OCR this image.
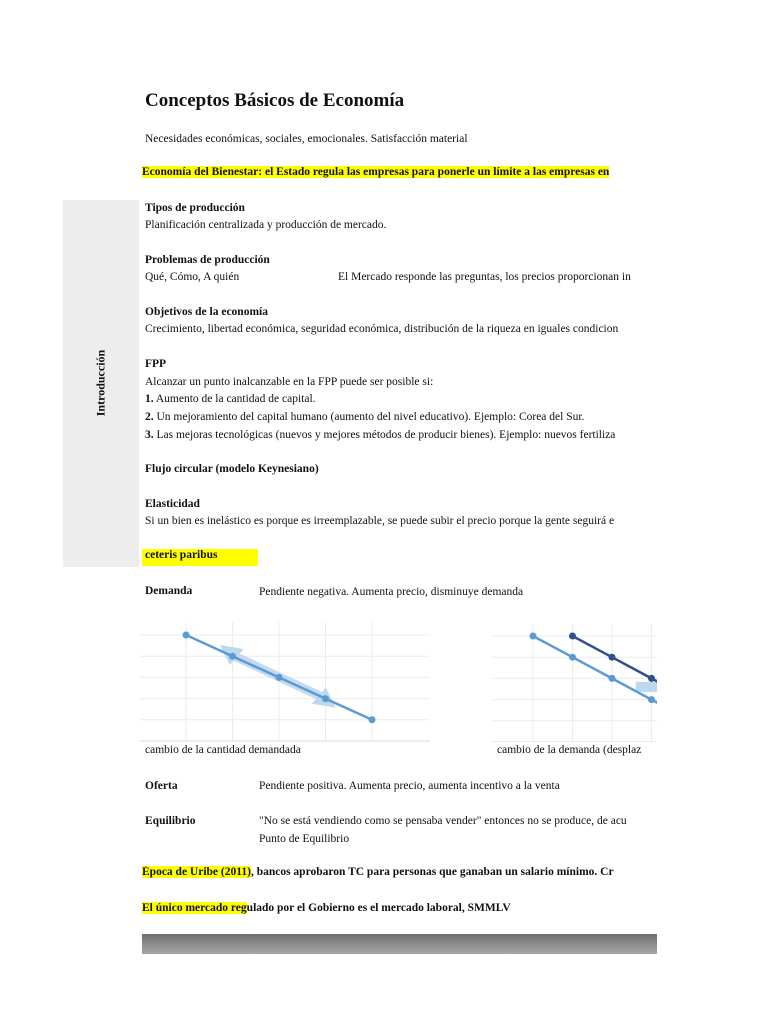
Conceptos Básicos de Economía
Necesidades económicas, sociales, emocionales. Satisfacción material
Economía del Bienestar: el Estado regula las empresas para ponerle un límite a las empresas en
Introducción
Tipos de producción
Planificación centralizada y producción de mercado.
Problemas de producción
Qué, Cómo, A quién	El Mercado responde las preguntas, los precios proporcionan in
Objetivos de la economía
Crecimiento, libertad económica, seguridad económica, distribución de la riqueza en iguales condicion
FPP
Alcanzar un punto inalcanzable en la FPP puede ser posible si:
1. Aumento de la cantidad de capital.
2. Un mejoramiento del capital humano (aumento del nivel educativo). Ejemplo: Corea del Sur.
3. Las mejoras tecnológicas (nuevos y mejores métodos de producir bienes). Ejemplo: nuevos fertiliza
Flujo circular (modelo Keynesiano)
Elasticidad
Si un bien es inelástico es porque es irreemplazable, se puede subir el precio porque la gente seguirá e
ceteris paribus
Demanda	Pendiente negativa. Aumenta precio, disminuye demanda
cambio de la cantidad demandada	cambio de la demanda (desplaz
Oferta	Pendiente positiva. Aumenta precio, aumenta incentivo a la venta
Equilibrio	"No se está vendiendo como se pensaba vender" entonces no se produce, de acu
Punto de Equilibrio
Época de Uribe (2011), bancos aprobaron TC para personas que ganaban un salario mínimo. Cr
El único mercado regulado por el Gobierno es el mercado laboral, SMMLV
